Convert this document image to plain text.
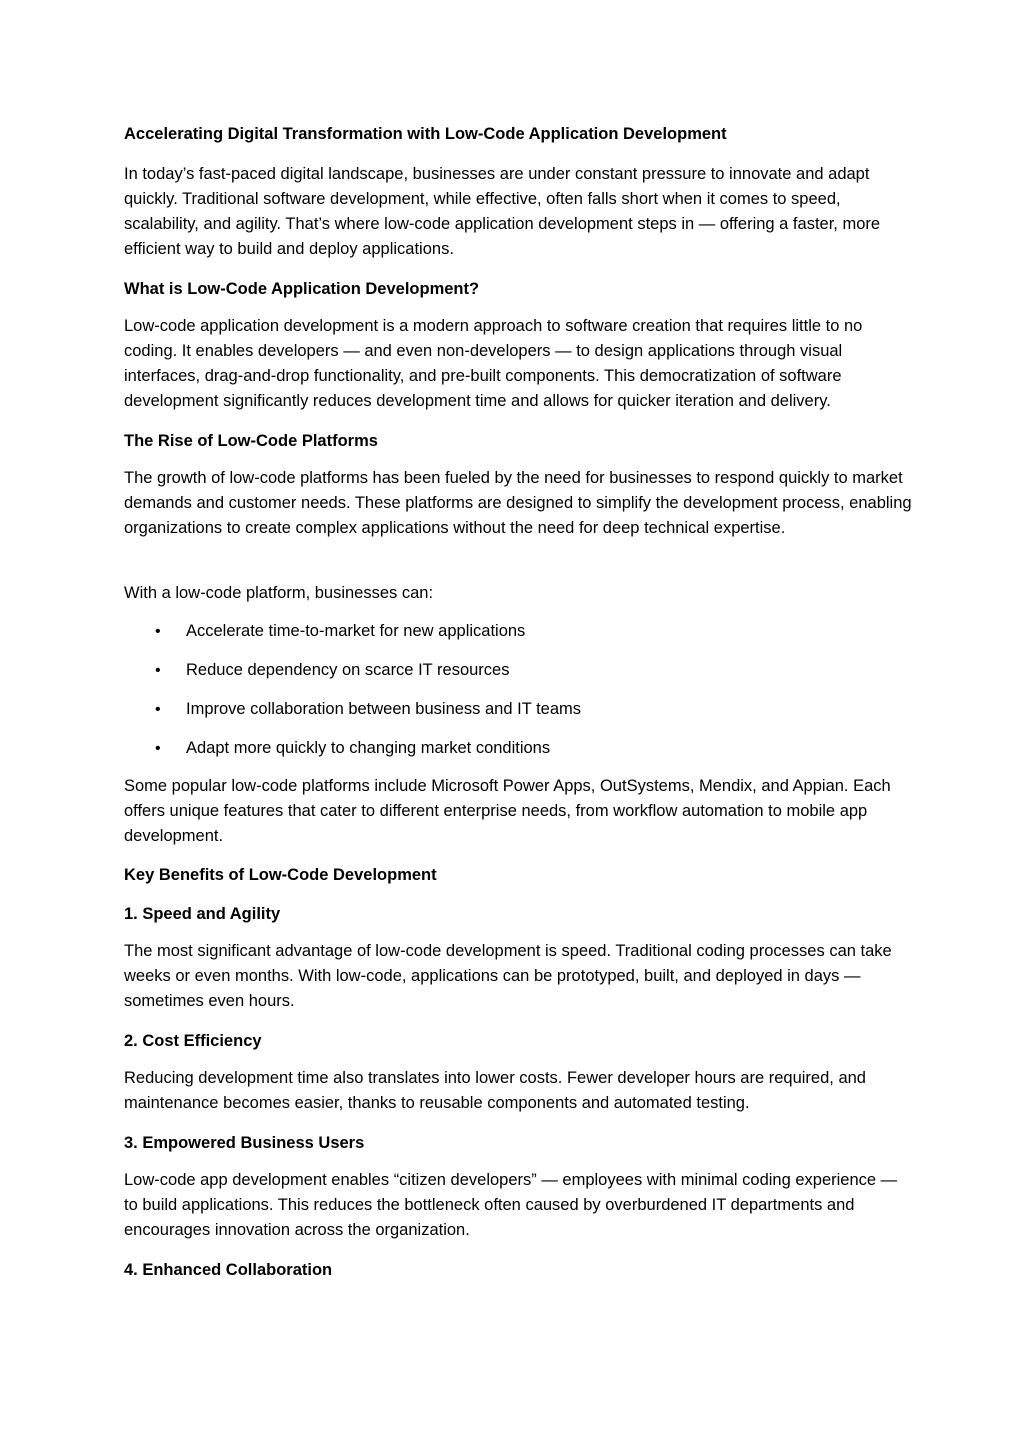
Accelerating Digital Transformation with Low-Code Application Development

In today’s fast-paced digital landscape, businesses are under constant pressure to innovate and adapt quickly. Traditional software development, while effective, often falls short when it comes to speed, scalability, and agility. That’s where low-code application development steps in — offering a faster, more efficient way to build and deploy applications.

What is Low-Code Application Development?

Low-code application development is a modern approach to software creation that requires little to no coding. It enables developers — and even non-developers — to design applications through visual interfaces, drag-and-drop functionality, and pre-built components. This democratization of software development significantly reduces development time and allows for quicker iteration and delivery.

The Rise of Low-Code Platforms

The growth of low-code platforms has been fueled by the need for businesses to respond quickly to market demands and customer needs. These platforms are designed to simplify the development process, enabling organizations to create complex applications without the need for deep technical expertise.

With a low-code platform, businesses can:

• Accelerate time-to-market for new applications
• Reduce dependency on scarce IT resources
• Improve collaboration between business and IT teams
• Adapt more quickly to changing market conditions

Some popular low-code platforms include Microsoft Power Apps, OutSystems, Mendix, and Appian. Each offers unique features that cater to different enterprise needs, from workflow automation to mobile app development.

Key Benefits of Low-Code Development

1. Speed and Agility

The most significant advantage of low-code development is speed. Traditional coding processes can take weeks or even months. With low-code, applications can be prototyped, built, and deployed in days — sometimes even hours.

2. Cost Efficiency

Reducing development time also translates into lower costs. Fewer developer hours are required, and maintenance becomes easier, thanks to reusable components and automated testing.

3. Empowered Business Users

Low-code app development enables “citizen developers” — employees with minimal coding experience — to build applications. This reduces the bottleneck often caused by overburdened IT departments and encourages innovation across the organization.

4. Enhanced Collaboration
